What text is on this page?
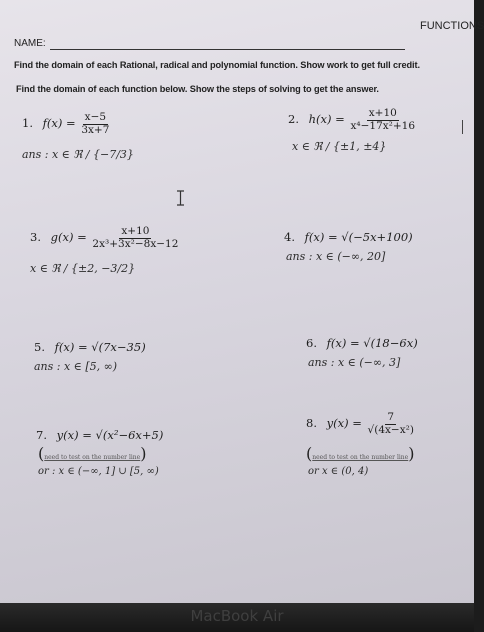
FUNCTIONS
NAME:
Find the domain of each Rational, radical and polynomial function. Show work to get full credit.
Find the domain of each function below. Show the steps of solving to get the answer.
1. $f(x) = \frac{x-5}{3x+7}$
ans : x ∈ ℜ / {−7/3}
2. $h(x) = \frac{x+10}{\text{x⁴−17x²+16}}$
x ∈ ℜ / {±1, ±4}
3. $g(x) = \frac{x+10}{\text{2x³+3x²−8x−12}}$
x ∈ ℜ / {±2, −3/2}
4. f(x) = √(−5x+100)
ans : x ∈ (−∞, 20]
5. f(x) = √(7x−35)
ans : x ∈ [5, ∞)
6. f(x) = √(18−6x)
ans : x ∈ (−∞, 3]
7. y(x) = √(x²−6x+5)
(need to test on the number line)
or : x ∈ (−∞, 1] ∪ [5, ∞)
8. $y(x) = \frac{7}{\text{√(4x−x²)}}$
(need to test on the number line)
or x ∈ (0, 4)
MacBook Air
